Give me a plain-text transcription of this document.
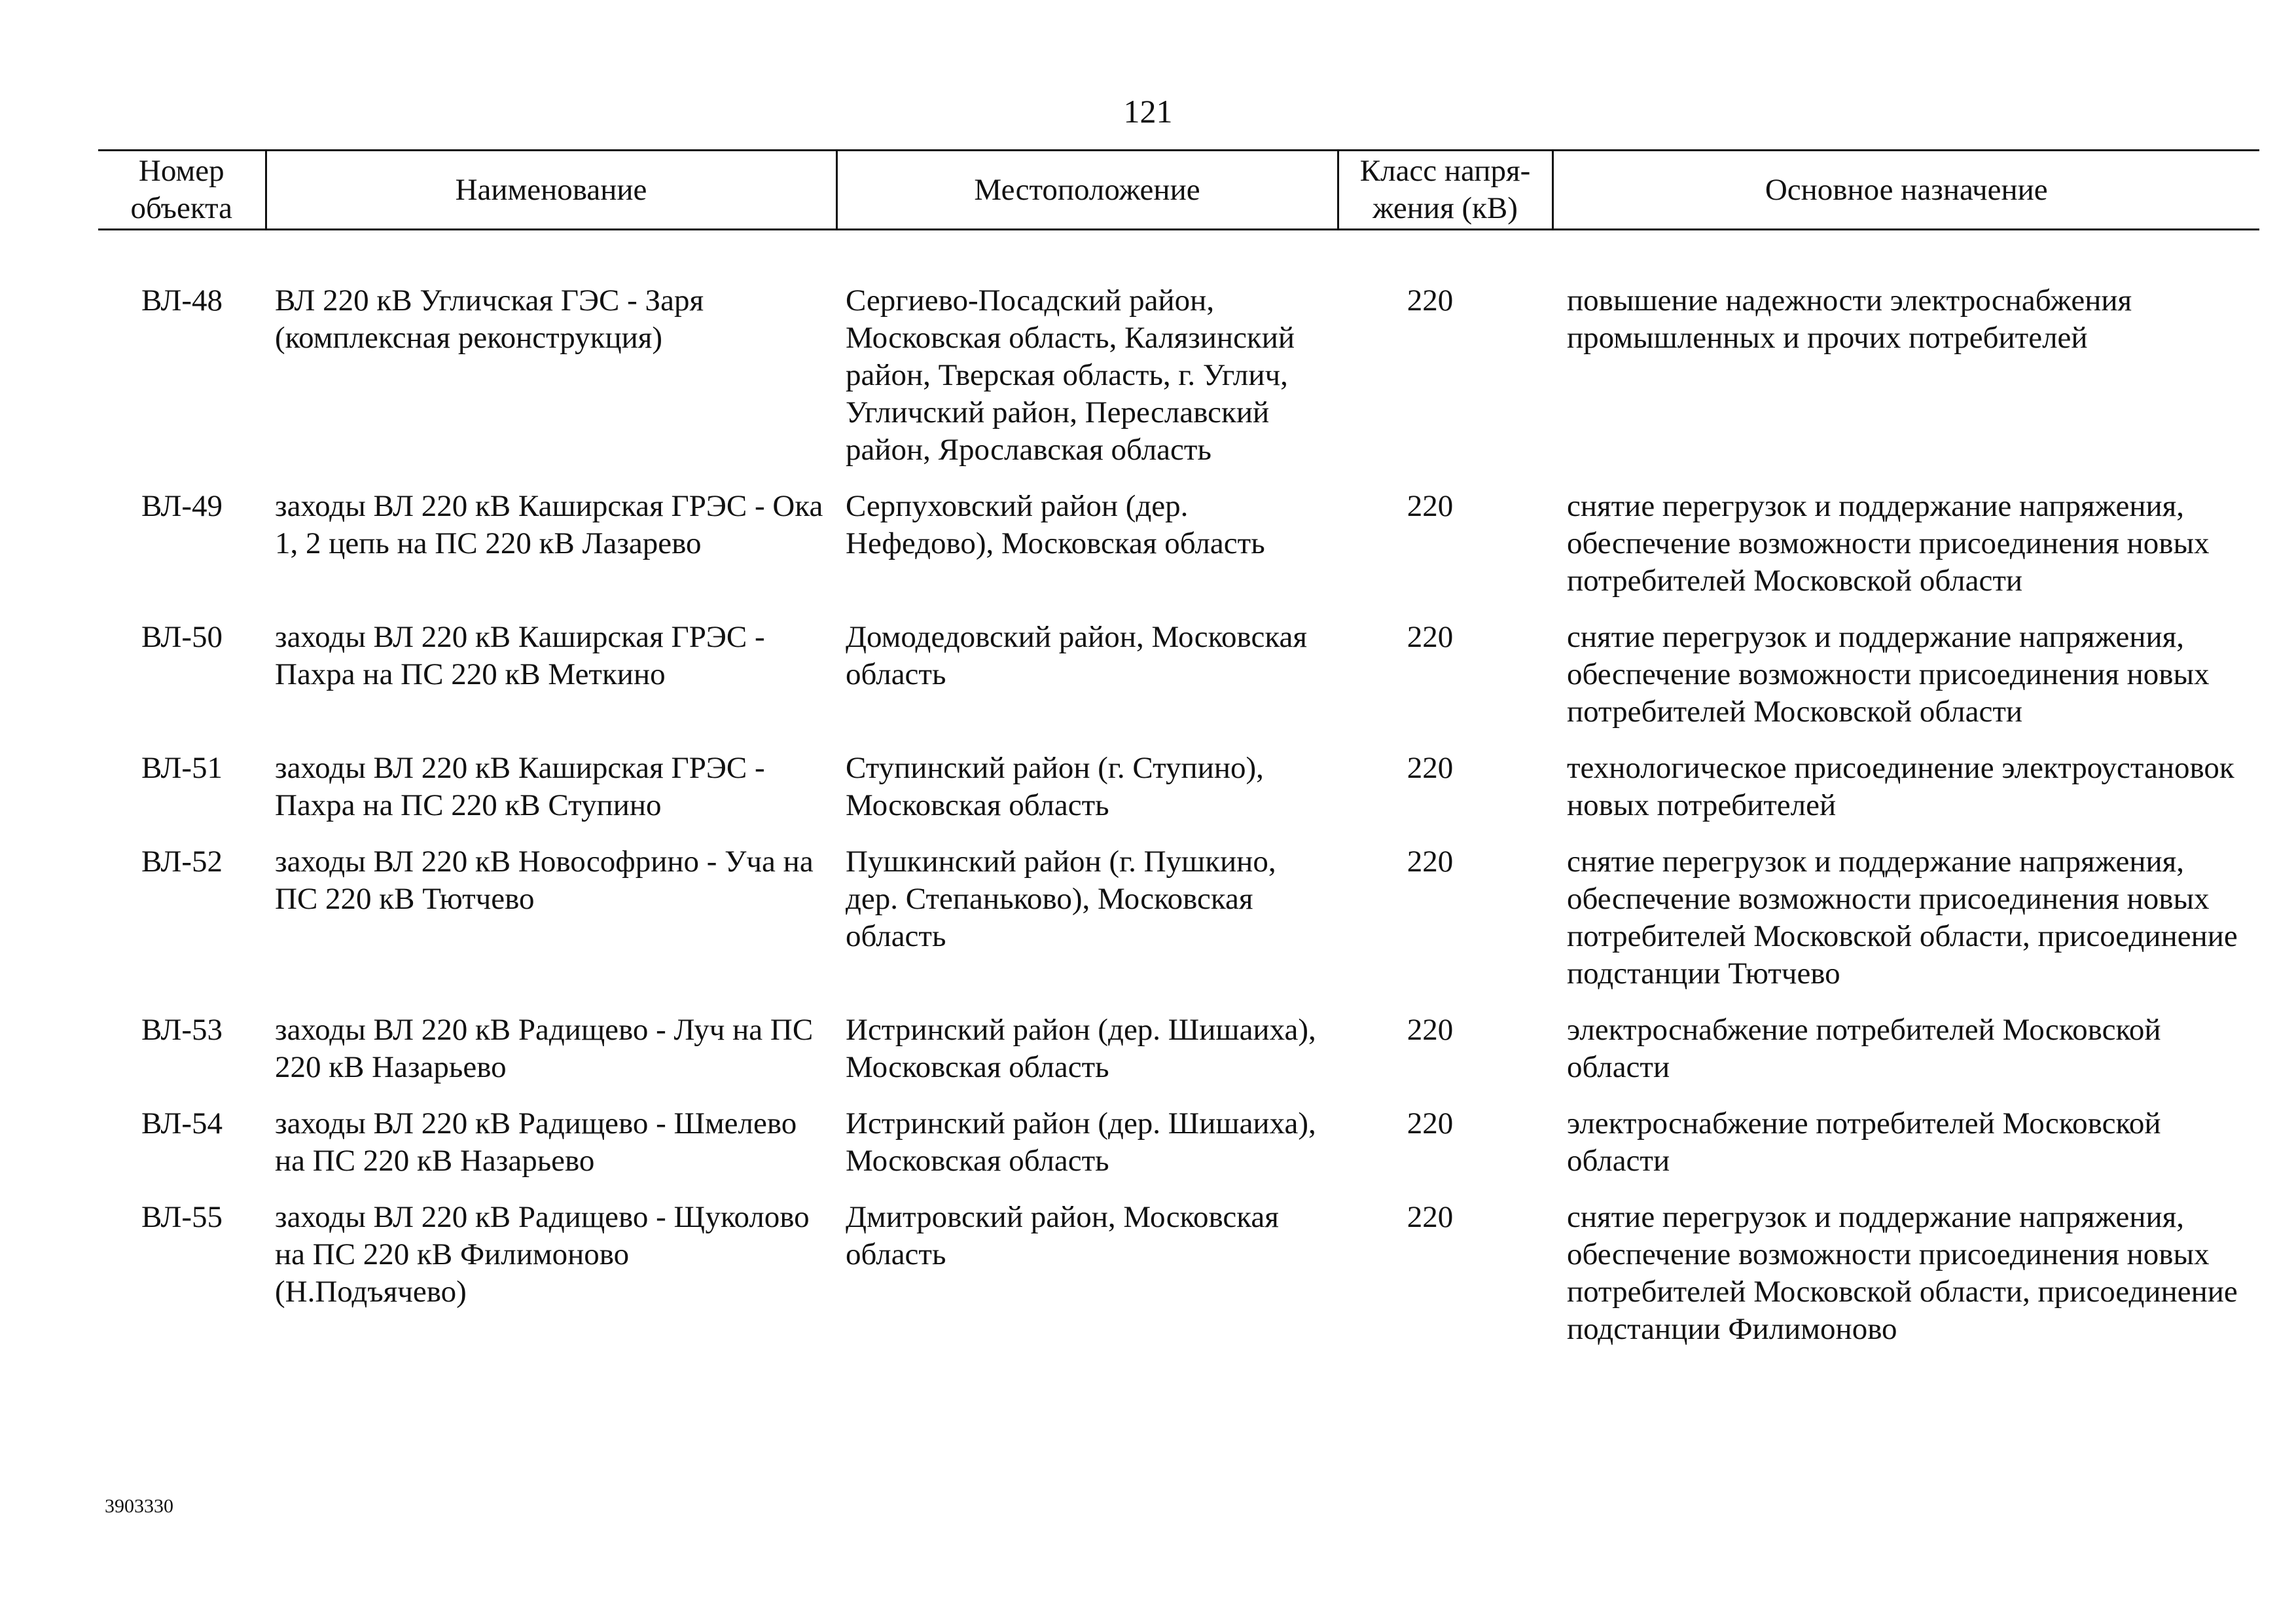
121
Номер объекта	Наименование	Местоположение	Класс напря- жения (кВ)	Основное назначение

ВЛ-48	ВЛ 220 кВ Угличская ГЭС - Заря (комплексная реконструкция)	Сергиево-Посадский район, Московская область, Калязинский район, Тверская область, г. Углич, Угличский район, Переславский район, Ярославская область	220	повышение надежности электроснабжения промышленных и прочих потребителей
ВЛ-49	заходы ВЛ 220 кВ Каширская ГРЭС - Ока 1, 2 цепь на ПС 220 кВ Лазарево	Серпуховский район (дер. Нефедово), Московская область	220	снятие перегрузок и поддержание напряжения, обеспечение возможности присоединения новых потребителей Московской области
ВЛ-50	заходы ВЛ 220 кВ Каширская ГРЭС - Пахра на ПС 220 кВ Меткино	Домодедовский район, Московская область	220	снятие перегрузок и поддержание напряжения, обеспечение возможности присоединения новых потребителей Московской области
ВЛ-51	заходы ВЛ 220 кВ Каширская ГРЭС - Пахра на ПС 220 кВ Ступино	Ступинский район (г. Ступино), Московская область	220	технологическое присоединение электроустановок новых потребителей
ВЛ-52	заходы ВЛ 220 кВ Новософрино - Уча на ПС 220 кВ Тютчево	Пушкинский район (г. Пушкино, дер. Степаньково), Московская область	220	снятие перегрузок и поддержание напряжения, обеспечение возможности присоединения новых потребителей Московской области, присоединение подстанции Тютчево
ВЛ-53	заходы ВЛ 220 кВ Радищево - Луч на ПС 220 кВ Назарьево	Истринский район (дер. Шишаиха), Московская область	220	электроснабжение потребителей Московской области
ВЛ-54	заходы ВЛ 220 кВ Радищево - Шмелево на ПС 220 кВ Назарьево	Истринский район (дер. Шишаиха), Московская область	220	электроснабжение потребителей Московской области
ВЛ-55	заходы ВЛ 220 кВ Радищево - Щуколово на ПС 220 кВ Филимоново (Н.Подъячево)	Дмитровский район, Московская область	220	снятие перегрузок и поддержание напряжения, обеспечение возможности присоединения новых потребителей Московской области, присоединение подстанции Филимоново
3903330
